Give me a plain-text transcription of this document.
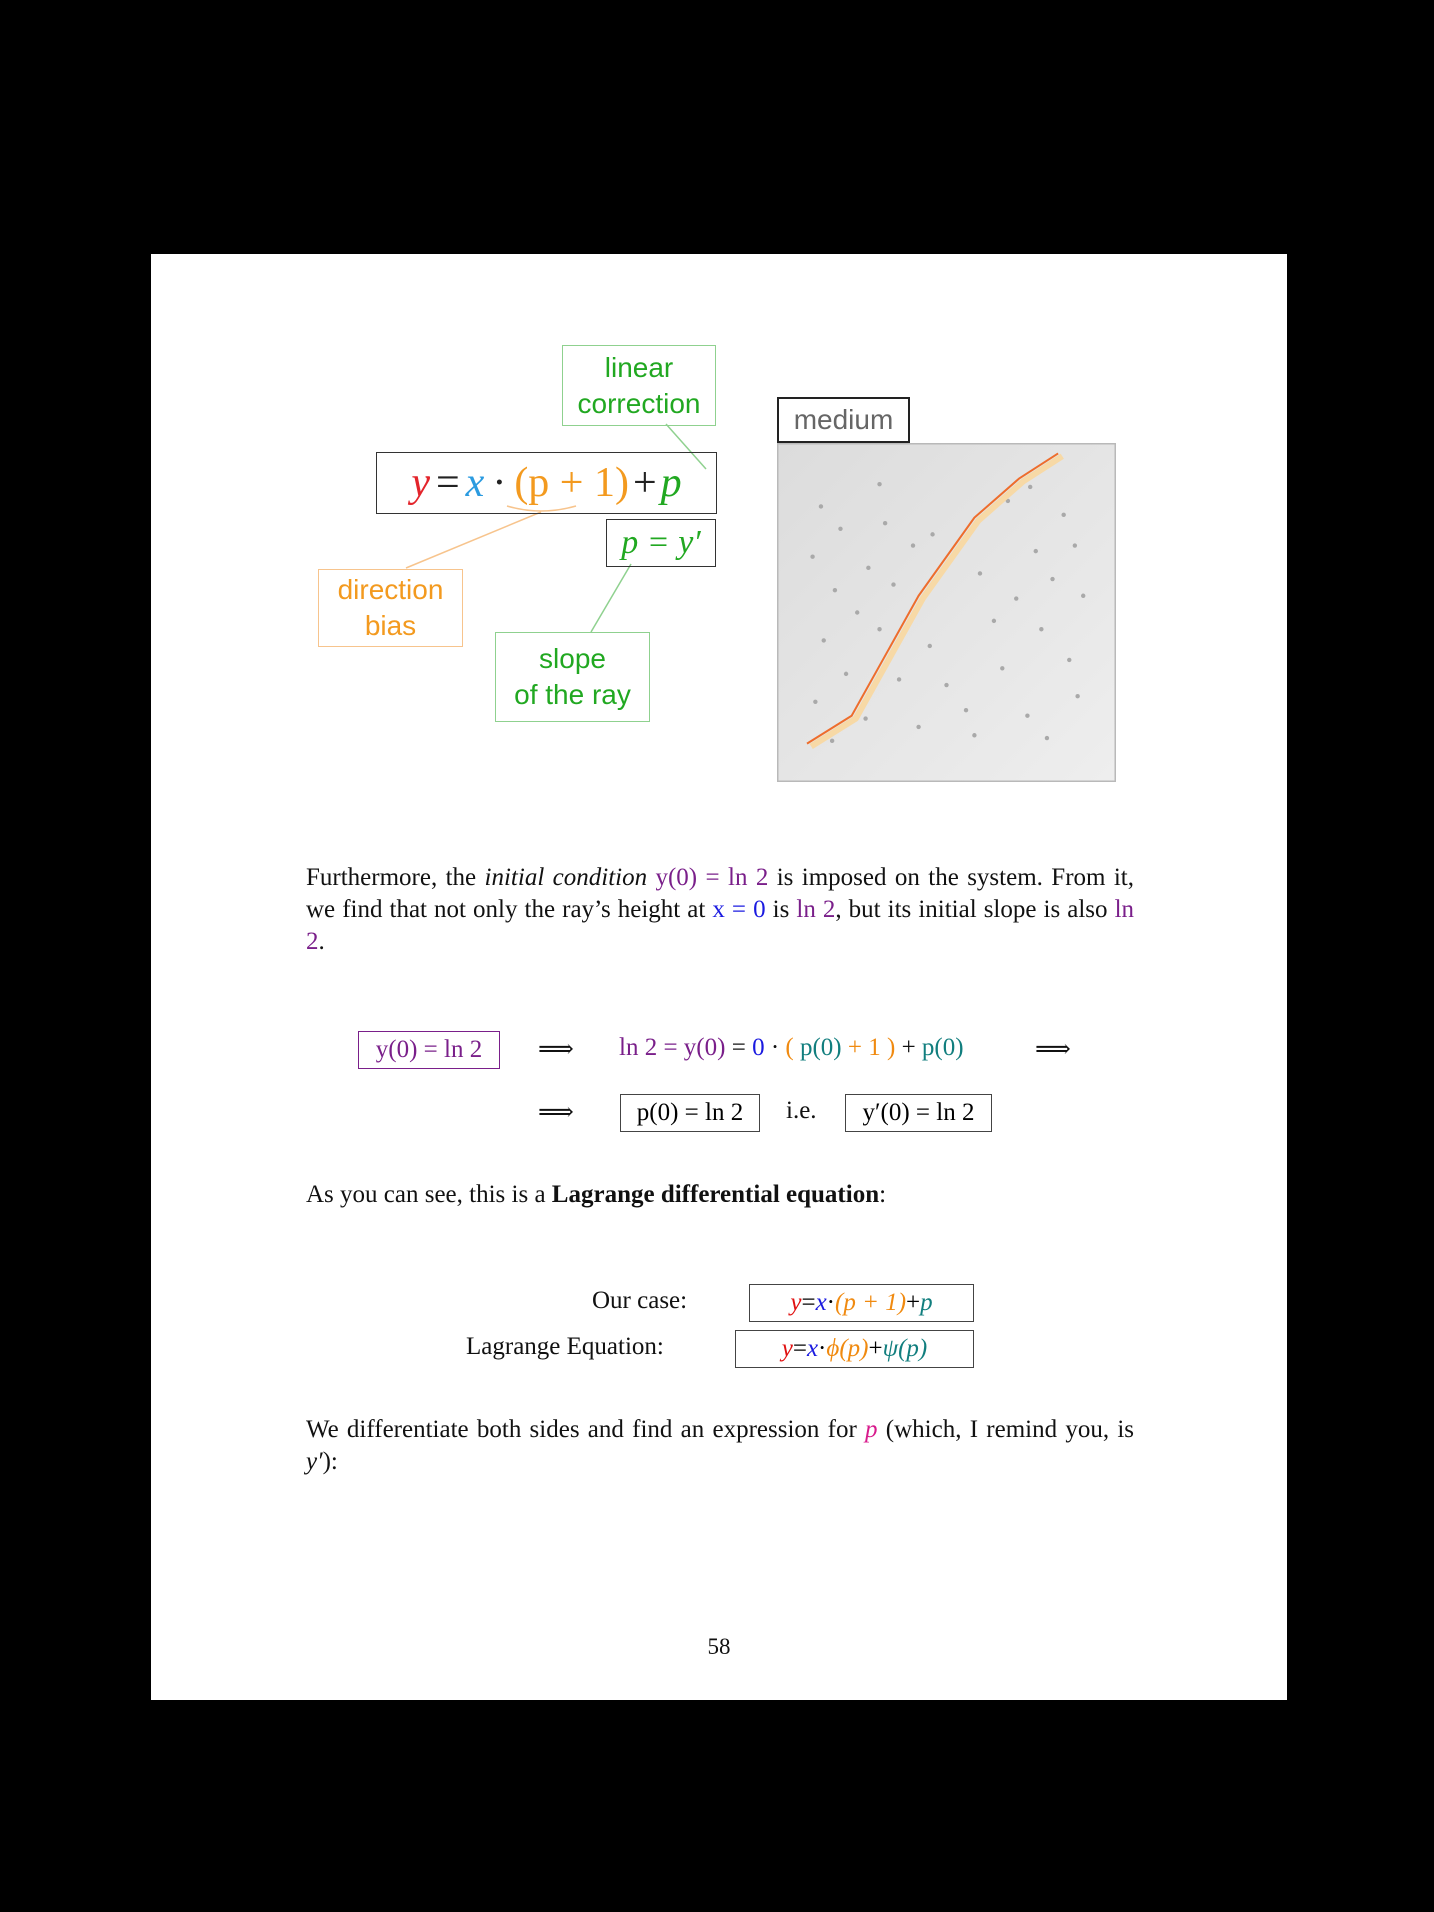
linear
correction
y = x · (p + 1) + p
p = y′
direction
bias
slope
of the ray
medium
Furthermore, the initial condition y(0) = ln 2 is imposed on the system. From it, we find that not only the ray’s height at x = 0 is ln 2, but its initial slope is also ln 2.
y(0) = ln 2	⟹ ln 2 = y(0) = 0 · ( p(0) + 1 ) + p(0)	⟹
⟹	p(0) = ln 2	i.e.	y′(0) = ln 2
As you can see, this is a Lagrange differential equation:
Our case:	y = x · (p + 1) + p
Lagrange Equation:	y = x · ϕ(p) + ψ(p)
We differentiate both sides and find an expression for p (which, I remind you, is y′):
58
